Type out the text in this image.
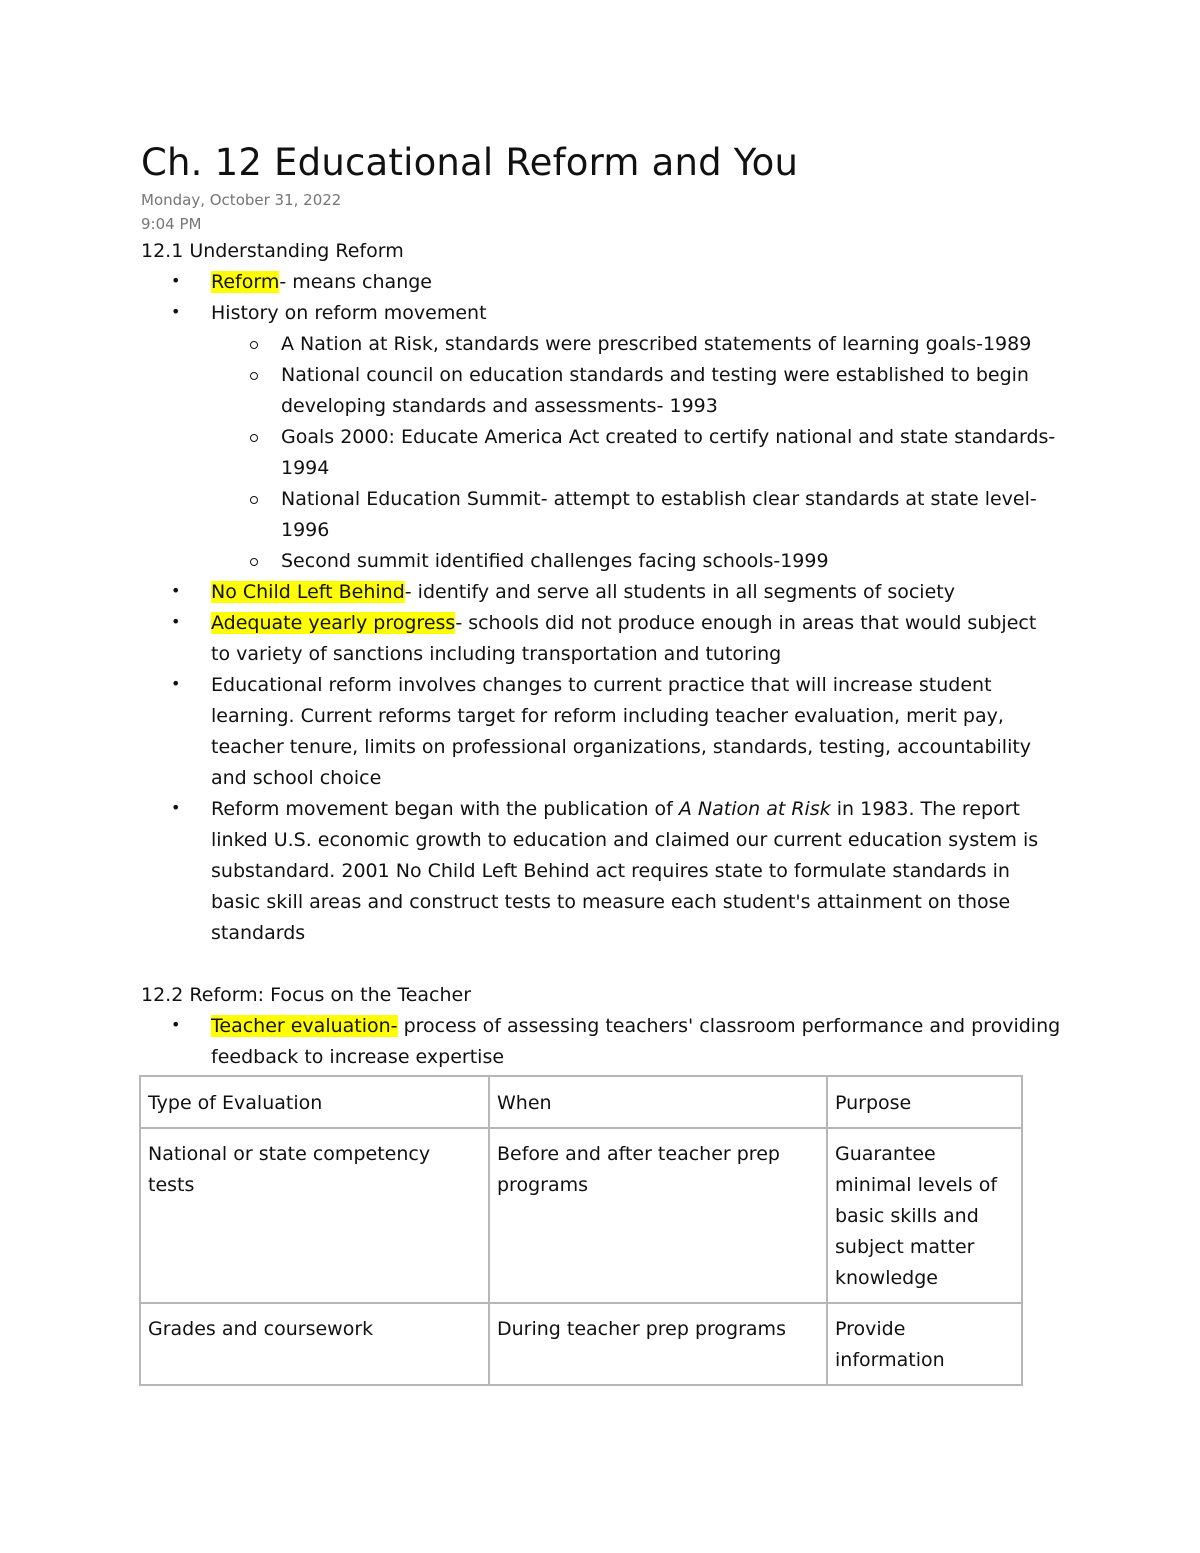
Ch. 12 Educational Reform and You

Monday, October 31, 2022

9:04 PM

12.1 Understanding Reform
• Reform- means change
• History on reform movement
A Nation at Risk, standards were prescribed statements of learning goals-1989
National council on education standards and testing were established to begin developing standards and assessments- 1993
Goals 2000: Educate America Act created to certify national and state standards- 1994
National Education Summit- attempt to establish clear standards at state level- 1996
Second summit identified challenges facing schools-1999
• No Child Left Behind- identify and serve all students in all segments of society
• Adequate yearly progress- schools did not produce enough in areas that would subject to variety of sanctions including transportation and tutoring
• Educational reform involves changes to current practice that will increase student learning. Current reforms target for reform including teacher evaluation, merit pay, teacher tenure, limits on professional organizations, standards, testing, accountability and school choice
• Reform movement began with the publication of A Nation at Risk in 1983. The report linked U.S. economic growth to education and claimed our current education system is substandard. 2001 No Child Left Behind act requires state to formulate standards in basic skill areas and construct tests to measure each student's attainment on those standards
12.2 Reform: Focus on the Teacher
• Teacher evaluation- process of assessing teachers' classroom performance and providing feedback to increase expertise
Type of Evaluation	When	Purpose
National or state competency tests	Before and after teacher prep programs	Guarantee minimal levels of basic skills and subject matter knowledge
Grades and coursework	During teacher prep programs	Provide information
